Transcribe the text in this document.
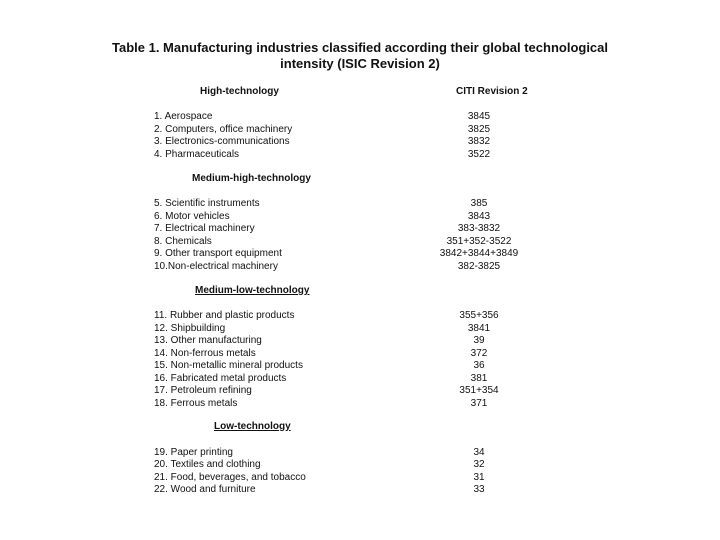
Table 1. Manufacturing industries classified according their global technological
intensity (ISIC Revision 2)
High-technology	CITI Revision 2
1. Aerospace	3845
2. Computers, office machinery	3825
3. Electronics-communications	3832
4. Pharmaceuticals	3522
Medium-high-technology
5. Scientific instruments	385
6. Motor vehicles	3843
7. Electrical machinery	383-3832
8. Chemicals	351+352-3522
9. Other transport equipment	3842+3844+3849
10.Non-electrical machinery	382-3825
Medium-low-technology
11. Rubber and plastic products	355+356
12. Shipbuilding	3841
13. Other manufacturing	39
14. Non-ferrous metals	372
15. Non-metallic mineral products	36
16. Fabricated metal products	381
17. Petroleum refining	351+354
18. Ferrous metals	371
Low-technology
19. Paper printing	34
20. Textiles and clothing	32
21. Food, beverages, and tobacco	31
22. Wood and furniture	33
